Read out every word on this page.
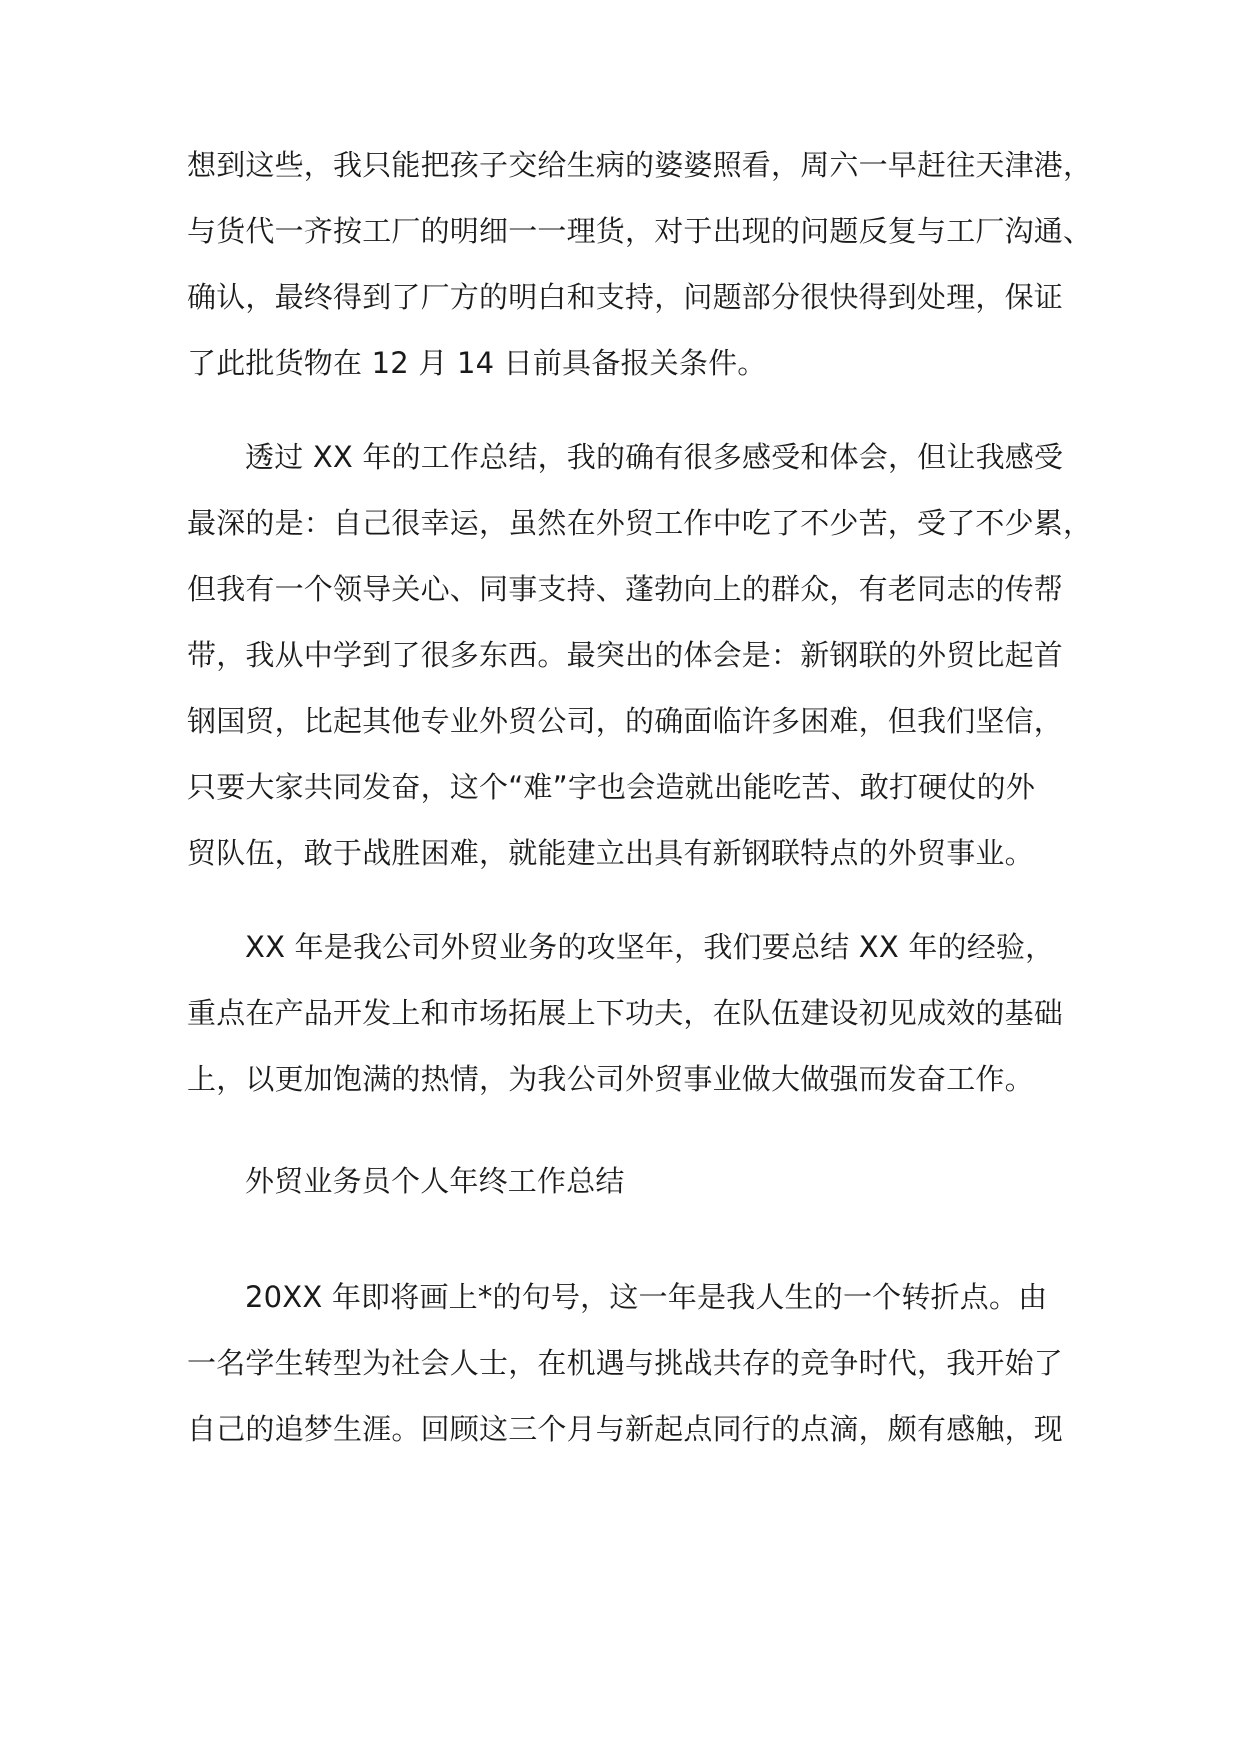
想到这些，我只能把孩子交给生病的婆婆照看，周六一早赶往天津港，
与货代一齐按工厂的明细一一理货，对于出现的问题反复与工厂沟通、
确认，最终得到了厂方的明白和支持，问题部分很快得到处理，保证
了此批货物在 12 月 14 日前具备报关条件。
透过 XX 年的工作总结，我的确有很多感受和体会，但让我感受
最深的是：自己很幸运，虽然在外贸工作中吃了不少苦，受了不少累，
但我有一个领导关心、同事支持、蓬勃向上的群众，有老同志的传帮
带，我从中学到了很多东西。最突出的体会是：新钢联的外贸比起首
钢国贸，比起其他专业外贸公司，的确面临许多困难，但我们坚信，
只要大家共同发奋，这个“难”字也会造就出能吃苦、敢打硬仗的外
贸队伍，敢于战胜困难，就能建立出具有新钢联特点的外贸事业。
XX 年是我公司外贸业务的攻坚年，我们要总结 XX 年的经验，
重点在产品开发上和市场拓展上下功夫，在队伍建设初见成效的基础
上，以更加饱满的热情，为我公司外贸事业做大做强而发奋工作。
外贸业务员个人年终工作总结
20XX 年即将画上*的句号，这一年是我人生的一个转折点。由
一名学生转型为社会人士，在机遇与挑战共存的竞争时代，我开始了
自己的追梦生涯。回顾这三个月与新起点同行的点滴，颇有感触，现
